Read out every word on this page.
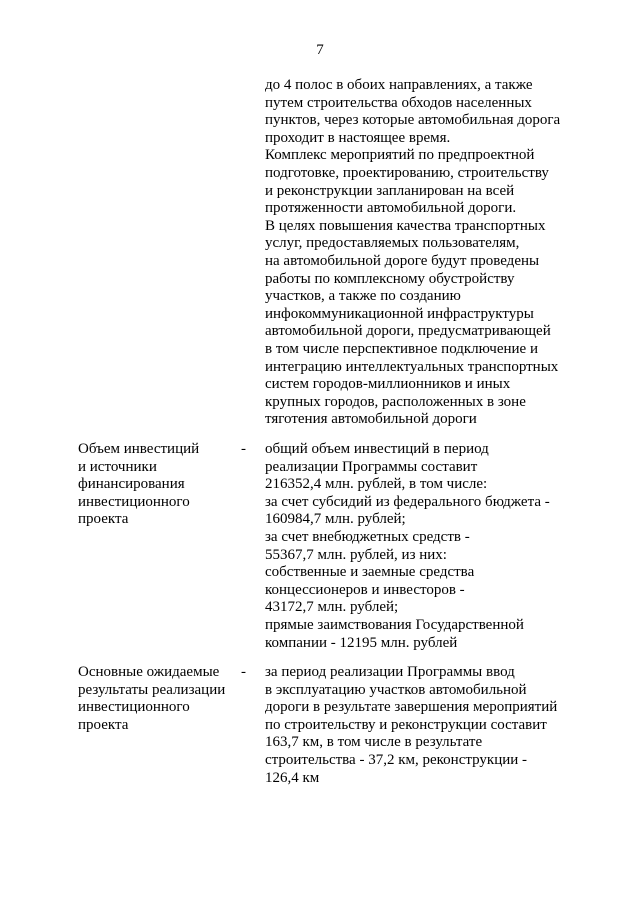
7
до 4 полос в обоих направлениях, а также
путем строительства обходов населенных
пунктов, через которые автомобильная дорога
проходит в настоящее время.
Комплекс мероприятий по предпроектной
подготовке, проектированию, строительству
и реконструкции запланирован на всей
протяженности автомобильной дороги.
В целях повышения качества транспортных
услуг, предоставляемых пользователям,
на автомобильной дороге будут проведены
работы по комплексному обустройству
участков, а также по созданию
инфокоммуникационной инфраструктуры
автомобильной дороги, предусматривающей
в том числе перспективное подключение и
интеграцию интеллектуальных транспортных
систем городов-миллионников и иных
крупных городов, расположенных в зоне
тяготения автомобильной дороги
Объем инвестиций
и источники
финансирования
инвестиционного
проекта
- общий объем инвестиций в период
реализации Программы составит
216352,4 млн. рублей, в том числе:
за счет субсидий из федерального бюджета -
160984,7 млн. рублей;
за счет внебюджетных средств -
55367,7 млн. рублей, из них:
собственные и заемные средства
концессионеров и инвесторов -
43172,7 млн. рублей;
прямые заимствования Государственной
компании - 12195 млн. рублей
Основные ожидаемые
результаты реализации
инвестиционного
проекта
- за период реализации Программы ввод
в эксплуатацию участков автомобильной
дороги в результате завершения мероприятий
по строительству и реконструкции составит
163,7 км, в том числе в результате
строительства - 37,2 км, реконструкции -
126,4 км
